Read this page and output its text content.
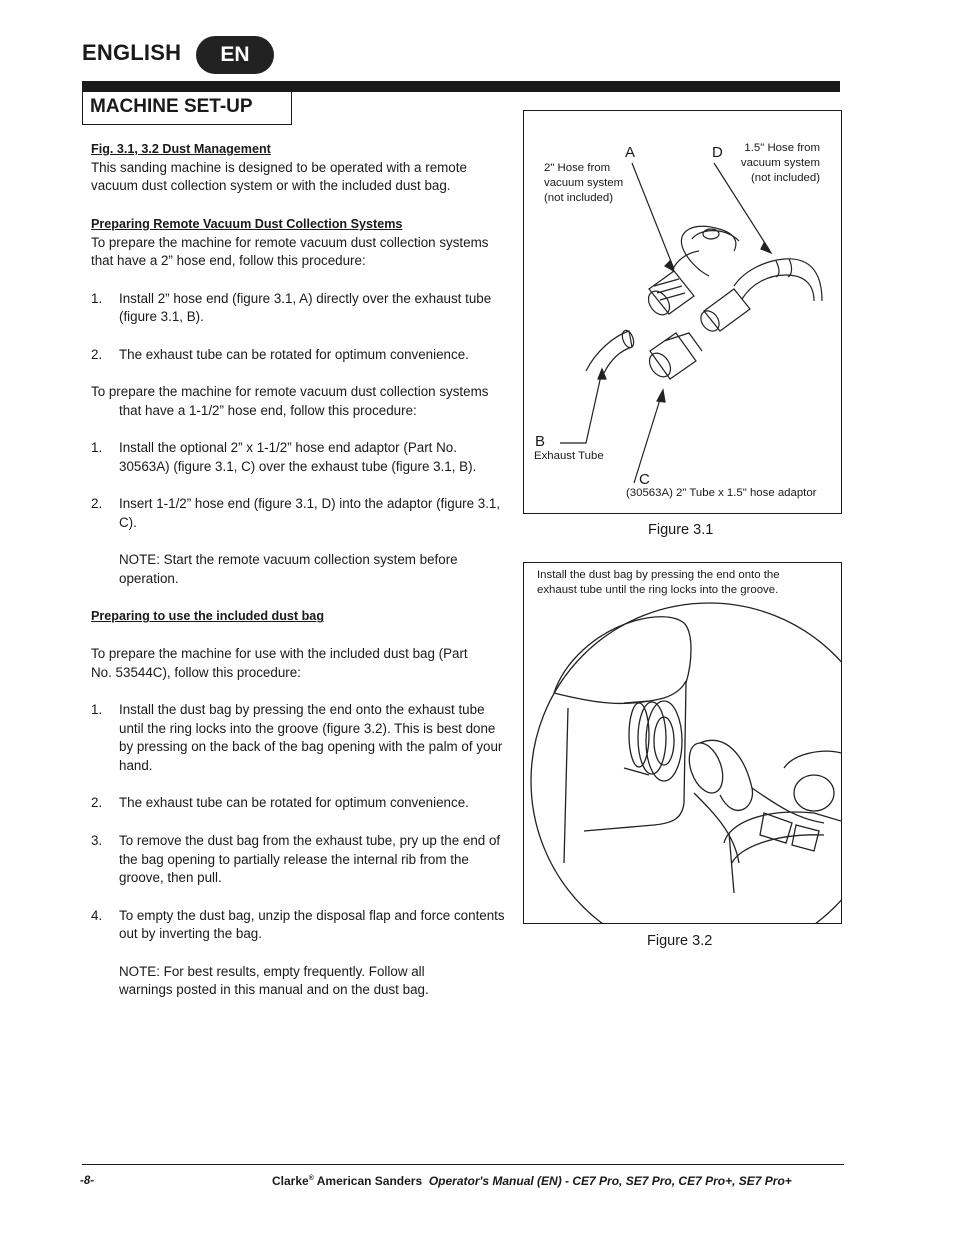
ENGLISH	EN
MACHINE SET-UP
Fig. 3.1, 3.2 Dust Management

This sanding machine is designed to be operated with a remote vacuum dust collection system or with the included dust bag.

Preparing Remote Vacuum Dust Collection Systems

To prepare the machine for remote vacuum dust collection systems that have a 2” hose end, follow this procedure:

1.	Install 2” hose end (figure 3.1, A) directly over the exhaust tube (figure 3.1, B).
2.	The exhaust tube can be rotated for optimum convenience.

To prepare the machine for remote vacuum dust collection systems that have a 1-1/2” hose end, follow this procedure:

1.	Install the optional 2” x 1-1/2” hose end adaptor (Part No. 30563A) (figure 3.1, C) over the exhaust tube (figure 3.1, B).
2.	Insert 1-1/2” hose end (figure 3.1, D) into the adaptor (figure 3.1, C).

NOTE: Start the remote vacuum collection system before operation.

Preparing to use the included dust bag

To prepare the machine for use with the included dust bag (Part No. 53544C), follow this procedure:

1.	Install the dust bag by pressing the end onto the exhaust tube until the ring locks into the groove (figure 3.2). This is best done by pressing on the back of the bag opening with the palm of your hand.
2.	The exhaust tube can be rotated for optimum convenience.
3.	To remove the dust bag from the exhaust tube, pry up the end of the bag opening to partially release the internal rib from the groove, then pull.
4.	To empty the dust bag, unzip the disposal flap and force contents out by inverting the bag.

NOTE: For best results, empty frequently. Follow all warnings posted in this manual and on the dust bag.

A
2" Hose from
vacuum system
(not included)
D	1.5" Hose from
vacuum system
(not included)
B
Exhaust Tube
C
(30563A) 2" Tube x 1.5" hose adaptor
Figure 3.1
Install the dust bag by pressing the end onto the
exhaust tube until the ring locks into the groove.
Figure 3.2
-8-	Clarke® American Sanders Operator's Manual (EN) - CE7 Pro, SE7 Pro, CE7 Pro+, SE7 Pro+
